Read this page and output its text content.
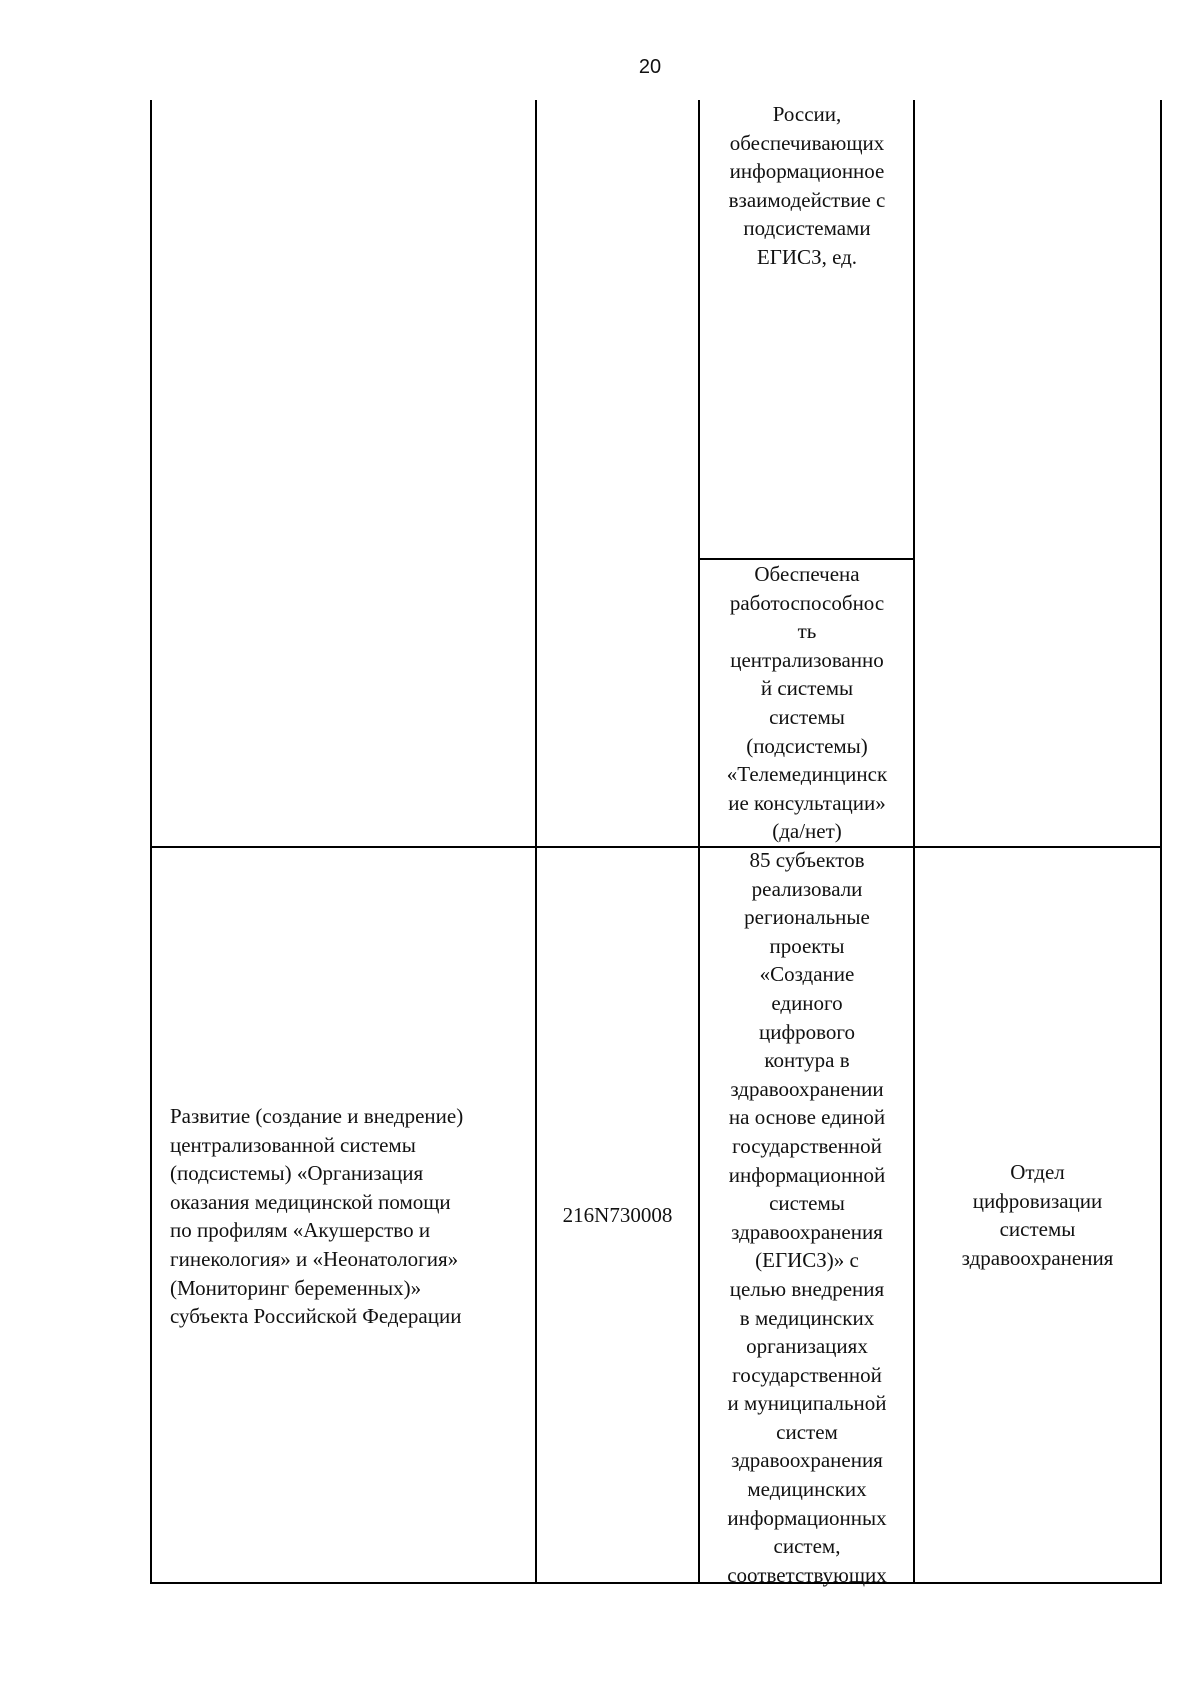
20
России,
обеспечивающих
информационное
взаимодействие с
подсистемами
ЕГИСЗ, ед.
Обеспечена
работоспособнос
ть
централизованно
й системы
системы
(подсистемы)
«Телемединцинск
ие консультации»
(да/нет)
Развитие (создание и внедрение)
централизованной системы
(подсистемы) «Организация
оказания медицинской помощи
по профилям «Акушерство и
гинекология» и «Неонатология»
(Мониторинг беременных)»
субъекта Российской Федерации
216N730008
85 субъектов
реализовали
региональные
проекты
«Создание
единого
цифрового
контура в
здравоохранении
на основе единой
государственной
информационной
системы
здравоохранения
(ЕГИСЗ)» с
целью внедрения
в медицинских
организациях
государственной
и муниципальной
систем
здравоохранения
медицинских
информационных
систем,
соответствующих
Отдел
цифровизации
системы
здравоохранения
